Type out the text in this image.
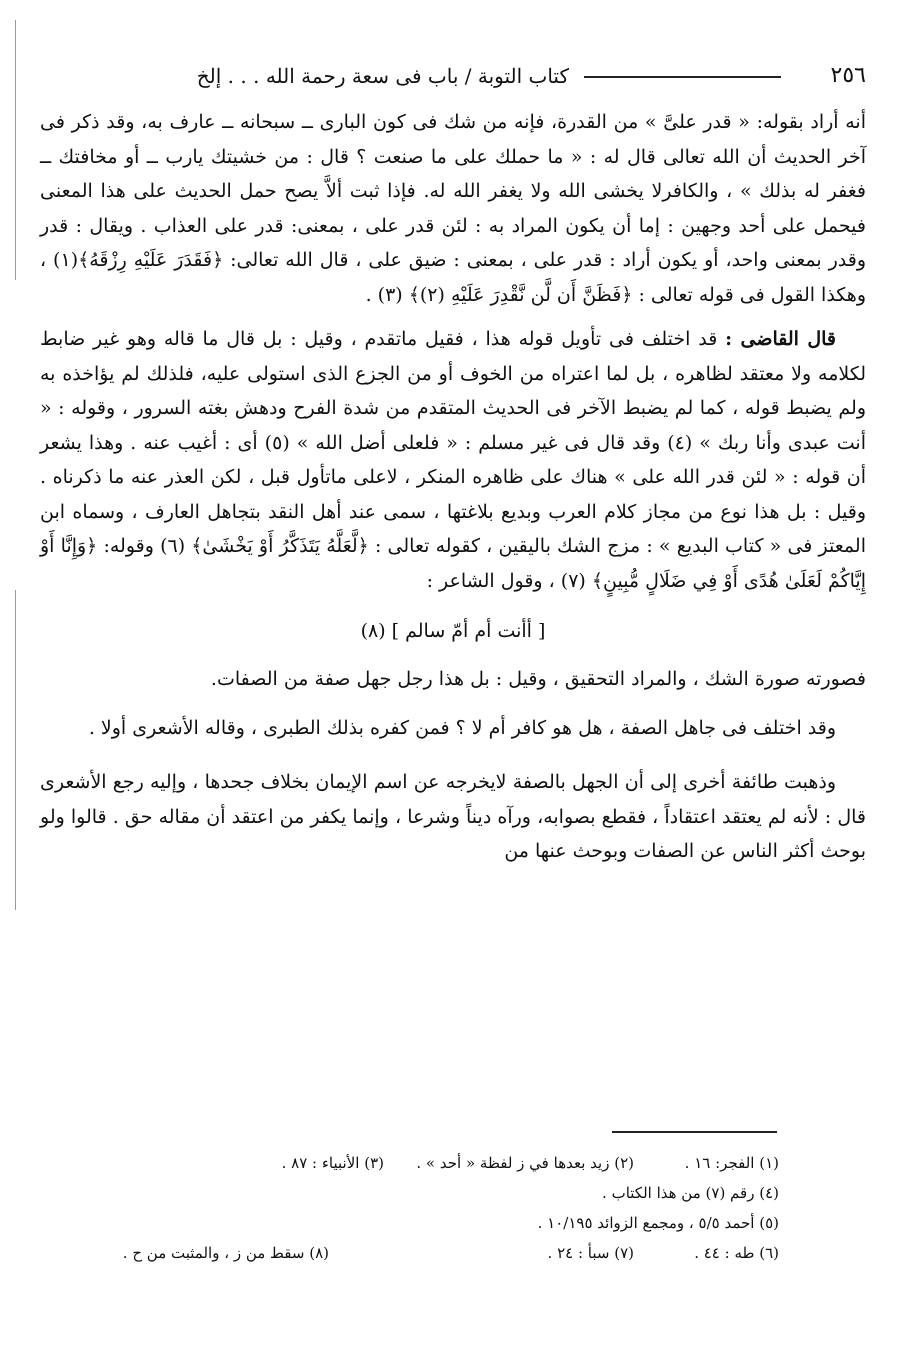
٢٥٦
كتاب التوبة / باب فى سعة رحمة الله . . . إلخ

أنه أراد بقوله: « قدر علىَّ » من القدرة، فإنه من شك فى كون البارى ــ سبحانه ــ عارف به، وقد ذكر فى آخر الحديث أن الله تعالى قال له : « ما حملك على ما صنعت ؟ قال : من خشيتك يارب ــ أو مخافتك ــ فغفر له بذلك » ، والكافرلا يخشى الله ولا يغفر الله له. فإذا ثبت ألاَّ يصح حمل الحديث على هذا المعنى فيحمل على أحد وجهين : إما أن يكون المراد به : لئن قدر على ، بمعنى: قدر على العذاب . ويقال : قدر وقدر بمعنى واحد، أو يكون أراد : قدر على ، بمعنى : ضيق على ، قال الله تعالى: ﴿فَقَدَرَ عَلَيْهِ رِزْقَهُ﴾(١) ، وهكذا القول فى قوله تعالى : ﴿فَظَنَّ أَن لَّن نَّقْدِرَ عَلَيْهِ (٢)﴾ (٣) .

قال القاضى : قد اختلف فى تأويل قوله هذا ، فقيل ماتقدم ، وقيل : بل قال ما قاله وهو غير ضابط لكلامه ولا معتقد لظاهره ، بل لما اعتراه من الخوف أو من الجزع الذى استولى عليه، فلذلك لم يؤاخذه به ولم يضبط قوله ، كما لم يضبط الآخر فى الحديث المتقدم من شدة الفرح ودهش بغته السرور ، وقوله : « أنت عبدى وأنا ربك » (٤) وقد قال فى غير مسلم : « فلعلى أضل الله » (٥) أى : أغيب عنه . وهذا يشعر أن قوله : « لئن قدر الله على » هناك على ظاهره المنكر ، لاعلى ماتأول قبل ، لكن العذر عنه ما ذكرناه . وقيل : بل هذا نوع من مجاز كلام العرب وبديع بلاغتها ، سمى عند أهل النقد بتجاهل العارف ، وسماه ابن المعتز فى « كتاب البديع » : مزج الشك باليقين ، كقوله تعالى : ﴿لَّعَلَّهُ يَتَذَكَّرُ أَوْ يَخْشَىٰ﴾ (٦) وقوله: ﴿وَإِنَّا أَوْ إِيَّاكُمْ لَعَلَىٰ هُدًى أَوْ فِي ضَلَالٍ مُّبِينٍ﴾ (٧) ، وقول الشاعر :

[ أأنت أم أمّ سالم ] (٨)

فصورته صورة الشك ، والمراد التحقيق ، وقيل : بل هذا رجل جهل صفة من الصفات.

وقد اختلف فى جاهل الصفة ، هل هو كافر أم لا ؟ فمن كفره بذلك الطبرى ، وقاله الأشعرى أولا .

وذهبت طائفة أخرى إلى أن الجهل بالصفة لايخرجه عن اسم الإيمان بخلاف جحدها ، وإليه رجع الأشعرى قال : لأنه لم يعتقد اعتقاداً ، فقطع بصوابه، ورآه ديناً وشرعا ، وإنما يكفر من اعتقد أن مقاله حق . قالوا ولو بوحث أكثر الناس عن الصفات وبوحث عنها من

(١) الفجر: ١٦ .
(٢) زيد بعدها في ز لفظة « أحد » .
(٣) الأنبياء : ٨٧ .
(٤) رقم (٧) من هذا الكتاب .
(٥) أحمد ٥/٥ ، ومجمع الزوائد ١٠/١٩٥ .
(٦) طه : ٤٤ .
(٧) سبأ : ٢٤ .
(٨) سقط من ز ، والمثبت من ح .
